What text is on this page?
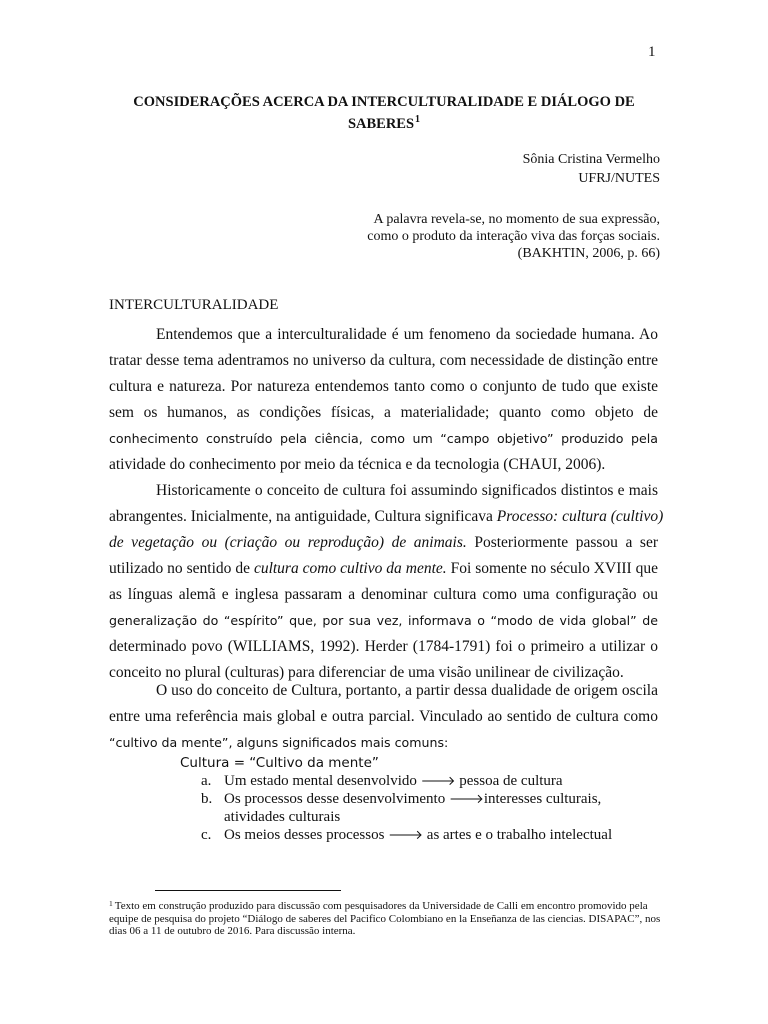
1
CONSIDERAÇÕES ACERCA DA INTERCULTURALIDADE E DIÁLOGO DE
SABERES$^1$
Sônia Cristina Vermelho
UFRJ/NUTES
A palavra revela-se, no momento de sua expressão,
como o produto da interação viva das forças sociais.
(BAKHTIN, 2006, p. 66)
INTERCULTURALIDADE
Entendemos que a interculturalidade é um fenomeno da sociedade humana. Ao
tratar desse tema adentramos no universo da cultura, com necessidade de distinção entre
cultura e natureza. Por natureza entendemos tanto como o conjunto de tudo que existe
sem os humanos, as condições físicas, a materialidade; quanto como objeto de
conhecimento construído pela ciência, como um “campo objetivo” produzido pela
atividade do conhecimento por meio da técnica e da tecnologia (CHAUI, 2006).
Historicamente o conceito de cultura foi assumindo significados distintos e mais
abrangentes. Inicialmente, na antiguidade, Cultura significava Processo: cultura (cultivo)
de vegetação ou (criação ou reprodução) de animais. Posteriormente passou a ser
utilizado no sentido de cultura como cultivo da mente. Foi somente no século XVIII que
as línguas alemã e inglesa passaram a denominar cultura como uma configuração ou
generalização do “espírito” que, por sua vez, informava o “modo de vida global” de
determinado povo (WILLIAMS, 1992). Herder (1784-1791) foi o primeiro a utilizar o
conceito no plural (culturas) para diferenciar de uma visão unilinear de civilização.
O uso do conceito de Cultura, portanto, a partir dessa dualidade de origem oscila
entre uma referência mais global e outra parcial. Vinculado ao sentido de cultura como
“cultivo da mente”, alguns significados mais comuns:
Cultura = “Cultivo da mente”
a. Um estado mental desenvolvido 🡒 pessoa de cultura
b. Os processos desse desenvolvimento 🡒interesses culturais,
atividades culturais
c. Os meios desses processos 🡒 as artes e o trabalho intelectual
$^1$ Texto em construção produzido para discussão com pesquisadores da Universidade de Calli em encontro promovido pela equipe de pesquisa do projeto “Diálogo de saberes del Pacifico Colombiano en la Enseñanza de las ciencias. DISAPAC”, nos dias 06 a 11 de outubro de 2016. Para discussão interna.
